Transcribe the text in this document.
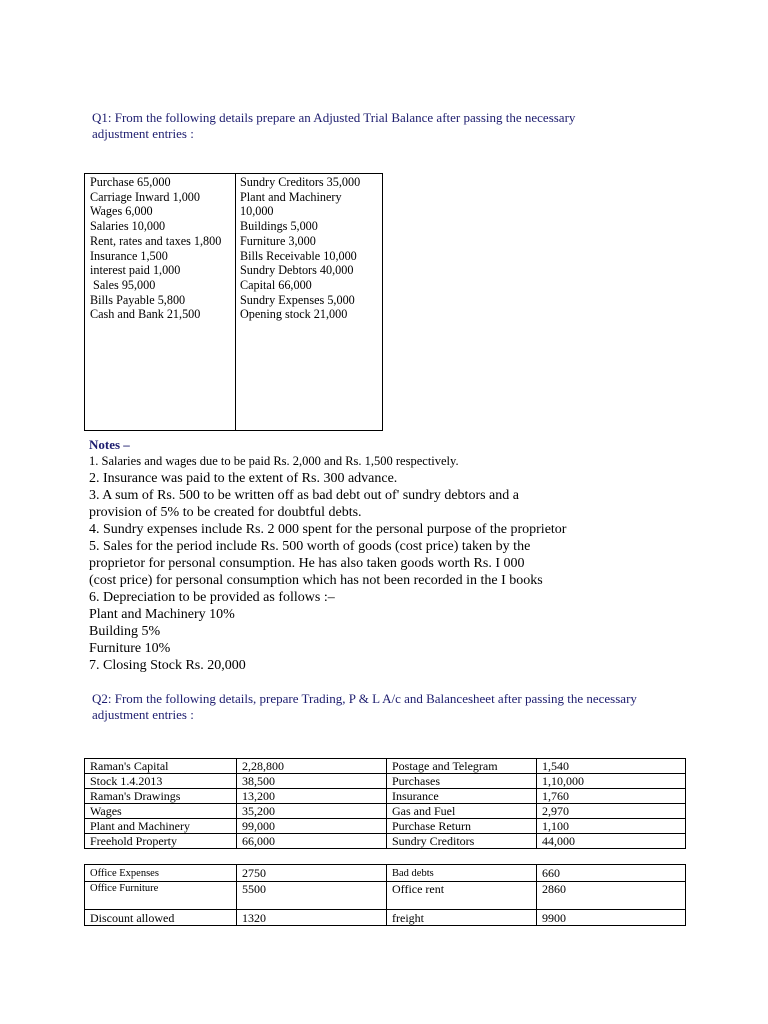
Q1: From the following details prepare an Adjusted Trial Balance after passing the necessary adjustment entries :
Purchase 65,000
Carriage Inward 1,000
Wages 6,000
Salaries 10,000
Rent, rates and taxes 1,800
Insurance 1,500
interest paid 1,000
Sales 95,000
Bills Payable 5,800
Cash and Bank 21,500
Sundry Creditors 35,000
Plant and Machinery
10,000
Buildings 5,000
Furniture 3,000
Bills Receivable 10,000
Sundry Debtors 40,000
Capital 66,000
Sundry Expenses 5,000
Opening stock 21,000
Notes –
1. Salaries and wages due to be paid Rs. 2,000 and Rs. 1,500 respectively.
2. Insurance was paid to the extent of Rs. 300 advance.
3. A sum of Rs. 500 to be written off as bad debt out of' sundry debtors and a
provision of 5% to be created for doubtful debts.
4. Sundry expenses include Rs. 2 000 spent for the personal purpose of the proprietor
5. Sales for the period include Rs. 500 worth of goods (cost price) taken by the
proprietor for personal consumption. He has also taken goods worth Rs. I 000
(cost price) for personal consumption which has not been recorded in the I books
6. Depreciation to be provided as follows :–
Plant and Machinery 10%
Building 5%
Furniture 10%
7. Closing Stock Rs. 20,000
Q2: From the following details, prepare Trading, P & L A/c and Balancesheet after passing the necessary adjustment entries :
Raman's Capital	2,28,800	Postage and Telegram	1,540
Stock 1.4.2013	38,500	Purchases	1,10,000
Raman's Drawings	13,200	Insurance	1,760
Wages	35,200	Gas and Fuel	2,970
Plant and Machinery	99,000	Purchase Return	1,100
Freehold Property	66,000	Sundry Creditors	44,000
Office Expenses	2750	Bad debts	660
Office Furniture	5500	Office rent	2860
Discount allowed	1320	freight	9900
